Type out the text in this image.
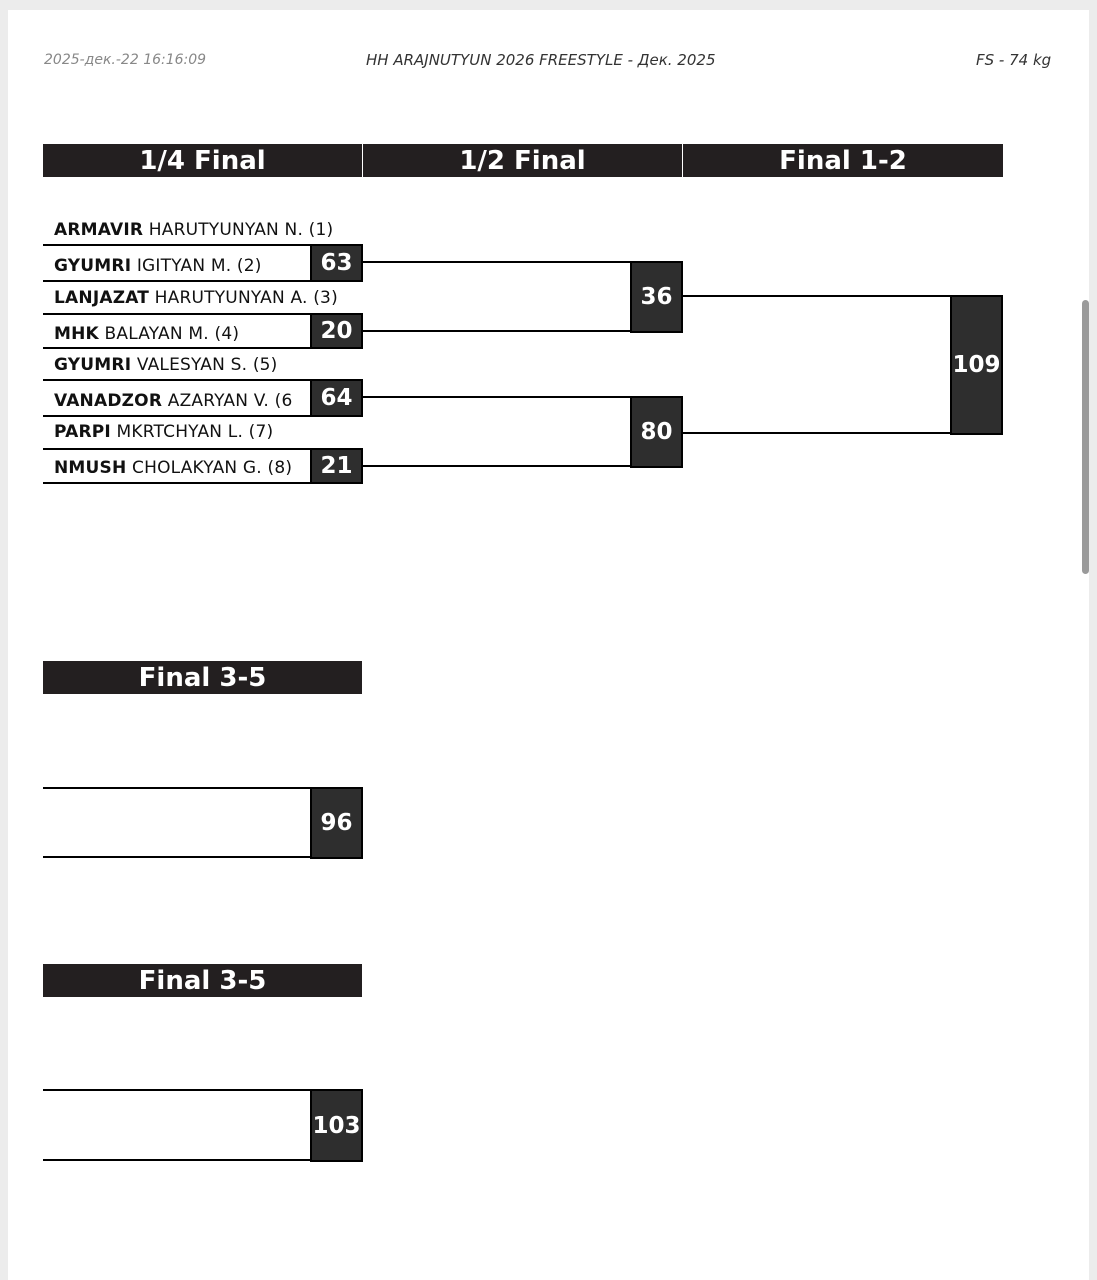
2025-дек.-22 16:16:09	HH ARAJNUTYUN 2026 FREESTYLE - Дек. 2025	FS - 74 kg
1/4 Final	1/2 Final	Final 1-2
ARMAVIR HARUTYUNYAN N. (1)
GYUMRI IGITYAN M. (2)
LANJAZAT HARUTYUNYAN A. (3)
MHK BALAYAN M. (4)
GYUMRI VALESYAN S. (5)
VANADZOR AZARYAN V. (6
PARPI MKRTCHYAN L. (7)
NMUSH CHOLAKYAN G. (8)
63
20
64
21
36
80
109
Final 3-5
96
Final 3-5
103
